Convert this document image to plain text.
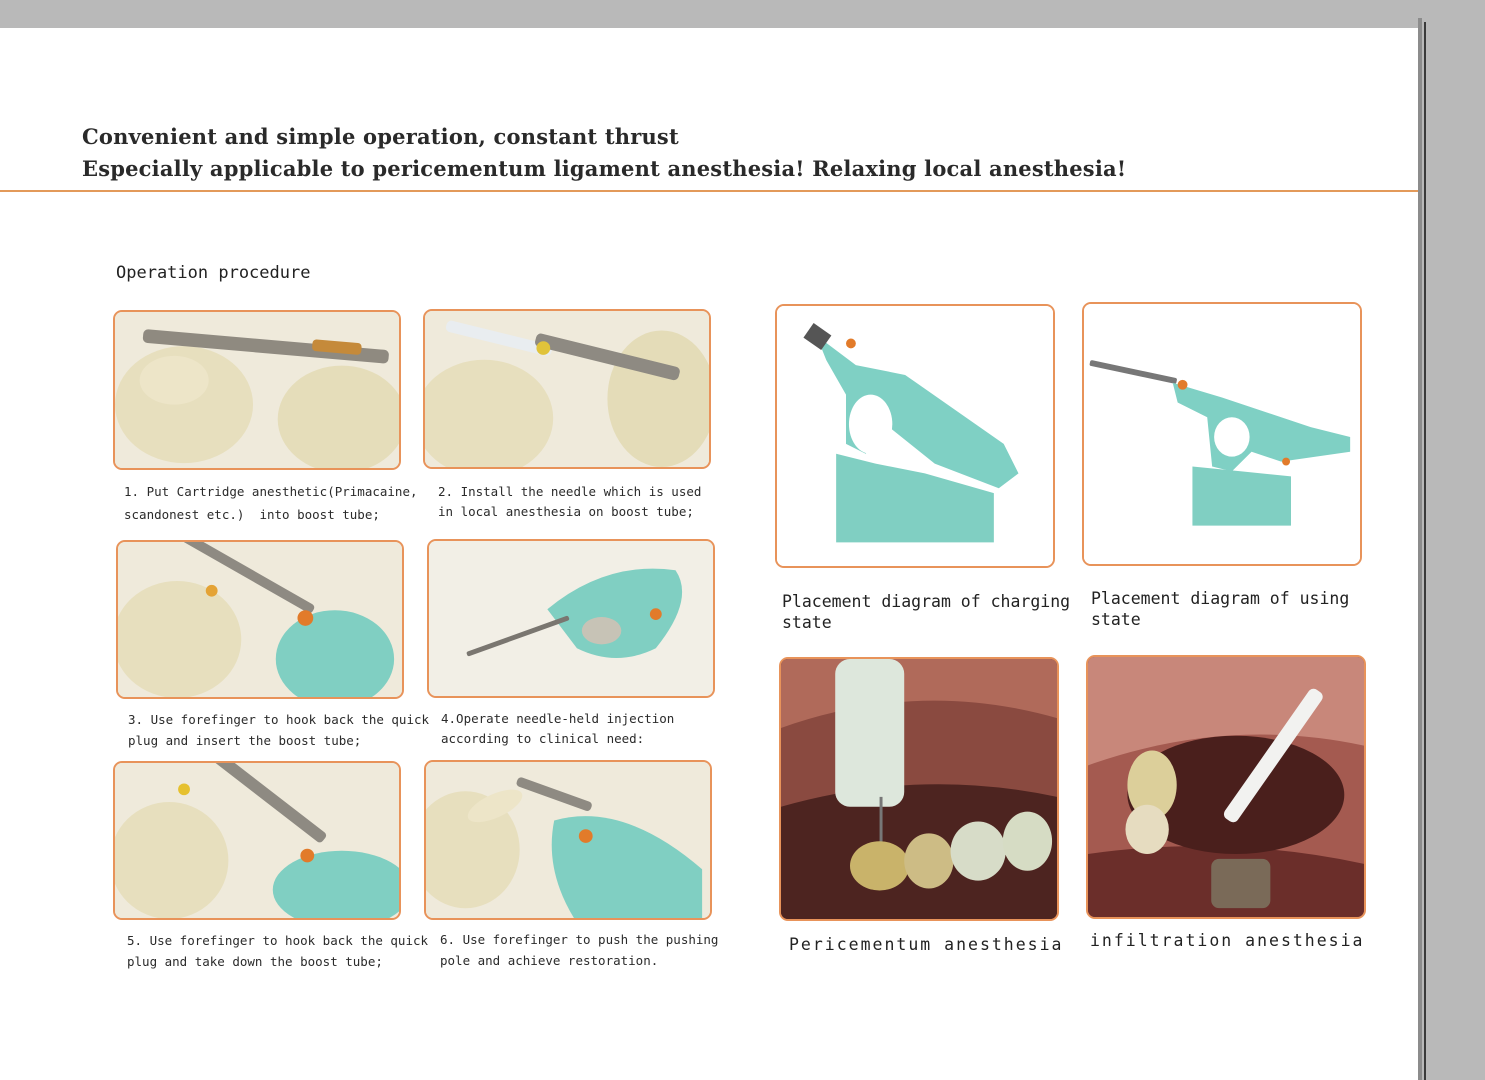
Convenient and simple operation, constant thrust
Especially applicable to pericementum ligament anesthesia! Relaxing local anesthesia!
Operation procedure
1. Put Cartridge anesthetic(Primacaine,
scandonest etc.)  into boost tube;
2. Install the needle which is used
in local anesthesia on boost tube;
3. Use forefinger to hook back the quick
plug and insert the boost tube;
4.Operate needle-held injection
according to clinical need:
5. Use forefinger to hook back the quick
plug and take down the boost tube;
6. Use forefinger to push the pushing
pole and achieve restoration.
Placement diagram of charging
state
Placement diagram of using
state
Pericementum anesthesia infiltration anesthesia
